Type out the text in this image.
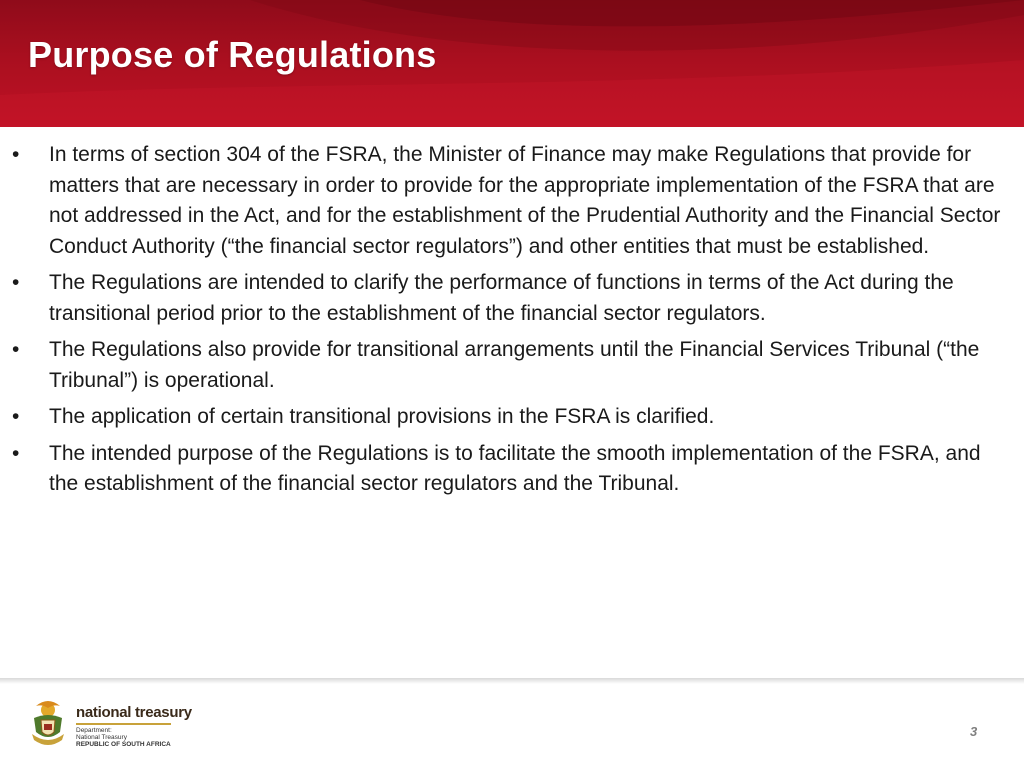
Purpose of Regulations
• In terms of section 304 of the FSRA, the Minister of Finance may make Regulations that provide for matters that are necessary in order to provide for the appropriate implementation of the FSRA that are not addressed in the Act, and for the establishment of the Prudential Authority and the Financial Sector Conduct Authority (“the financial sector regulators”) and other entities that must be established.
• The Regulations are intended to clarify the performance of functions in terms of the Act during the transitional period prior to the establishment of the financial sector regulators.
• The Regulations also provide for transitional arrangements until the Financial Services Tribunal (“the Tribunal”) is operational.
• The application of certain transitional provisions in the FSRA is clarified.
• The intended purpose of the Regulations is to facilitate the smooth implementation of the FSRA, and the establishment of the financial sector regulators and the Tribunal.
national treasury
Department:
National Treasury
REPUBLIC OF SOUTH AFRICA
3
